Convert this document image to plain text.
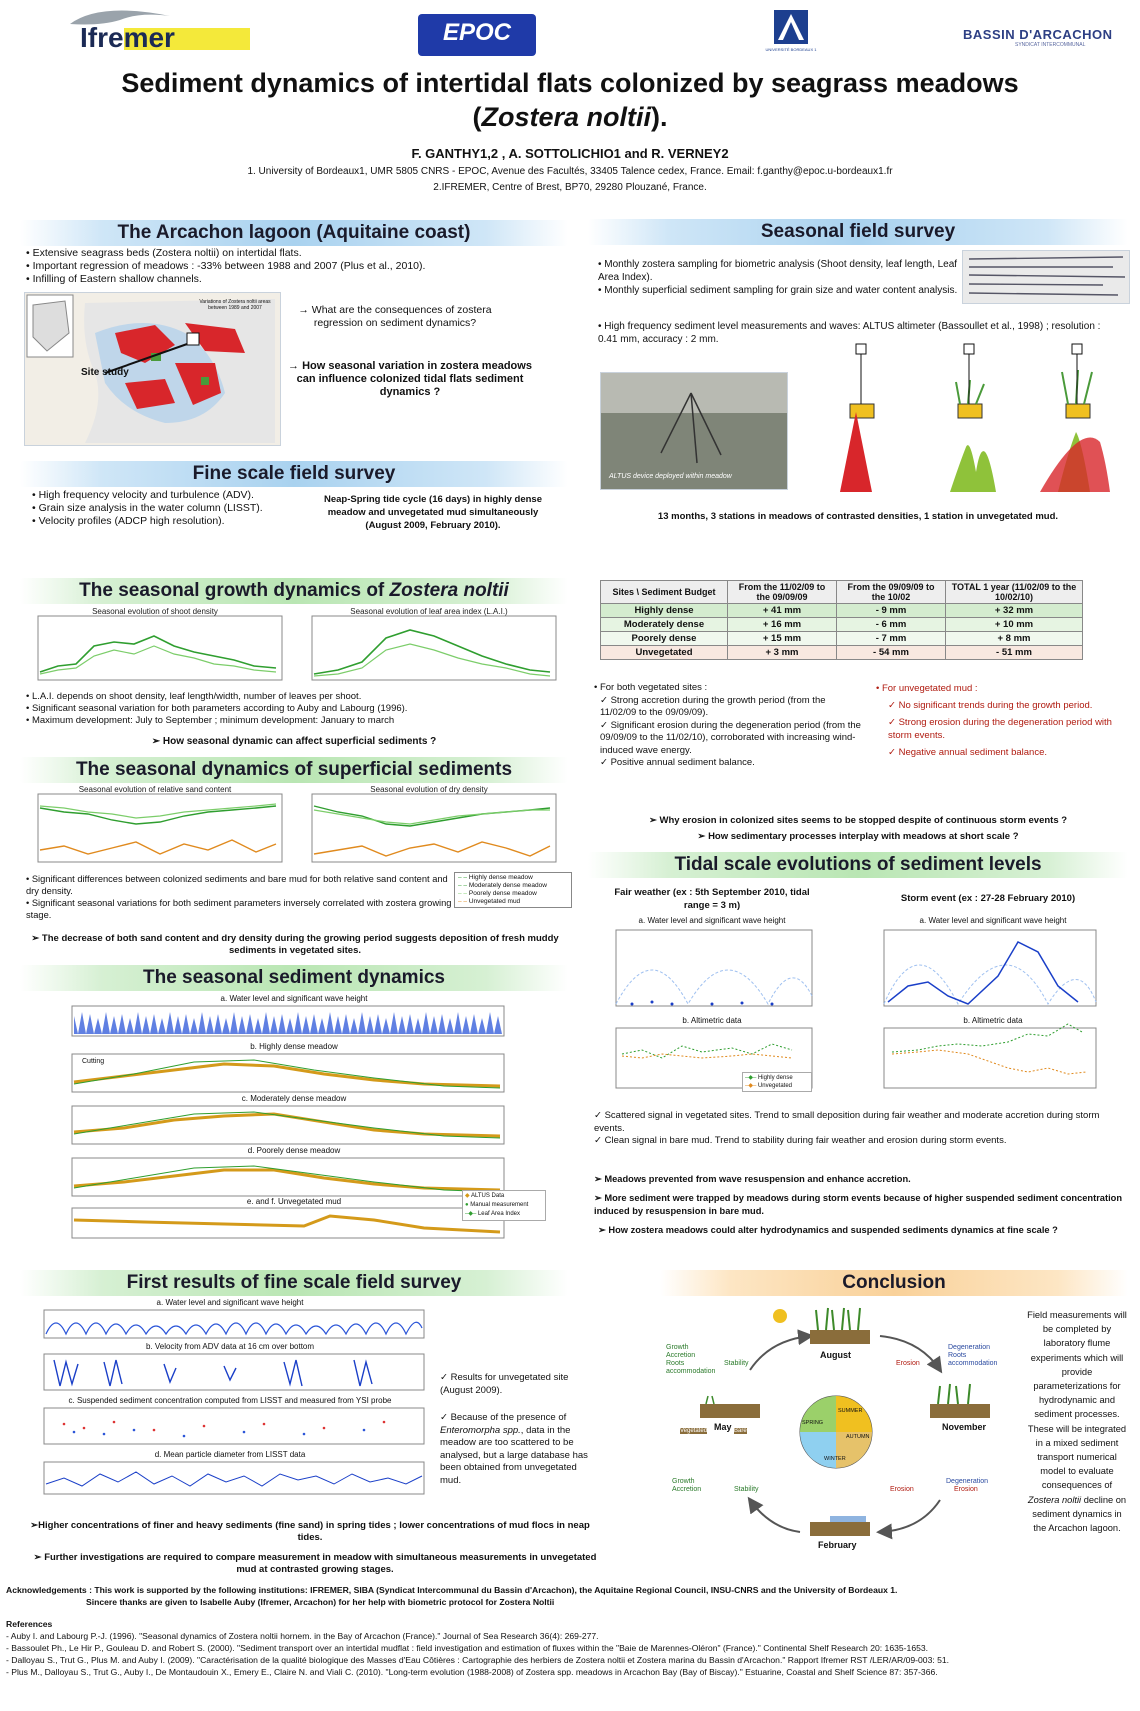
Ifremer	EPOC
UNIVERSITÉ BORDEAUX 1
BASSIN D'ARCACHON
SYNDICAT INTERCOMMUNAL
Sediment dynamics of intertidal flats colonized by seagrass meadows
(Zostera noltii).
F. GANTHY1,2 , A. SOTTOLICHIO1 and R. VERNEY2
1. University of Bordeaux1, UMR 5805 CNRS - EPOC, Avenue des Facultés, 33405 Talence cedex, France. Email: f.ganthy@epoc.u-bordeaux1.fr
2.IFREMER, Centre of Brest, BP70, 29280 Plouzané, France.
The Arcachon lagoon (Aquitaine coast)

• Extensive seagrass beds (Zostera noltii) on intertidal flats.

• Important regression of meadows : -33% between 1988 and 2007 (Plus et al., 2010).

• Infilling of Eastern shallow channels.

Site study
Variations of Zostera noltii areas between 1989 and 2007	→ What are the consequences of zostera regression on sediment dynamics?
→ How seasonal variation in zostera meadows can influence colonized tidal flats sediment dynamics ?
Fine scale field survey

• High frequency velocity and turbulence (ADV).

• Grain size analysis in the water column (LISST).

• Velocity profiles (ADCP high resolution).

Neap-Spring tide cycle (16 days) in highly dense meadow and unvegetated mud simultaneously (August 2009, February 2010).
Seasonal field survey

• Monthly zostera sampling for biometric analysis (Shoot density, leaf length, Leaf Area Index).

• Monthly superficial sediment sampling for grain size and water content analysis.

• High frequency sediment level measurements and waves: ALTUS altimeter (Bassoullet et al., 1998) ; resolution : 0.41 mm, accuracy : 2 mm.
ALTUS device deployed within meadow
13 months, 3 stations in meadows of contrasted densities, 1 station in unvegetated mud.
The seasonal growth dynamics of Zostera noltii
Seasonal evolution of shoot density	Seasonal evolution of leaf area index (L.A.I.)

• L.A.I. depends on shoot density, leaf length/width, number of leaves per shoot.

• Significant seasonal variation for both parameters according to Auby and Labourg (1996).

• Maximum development: July to September ; minimum development: January to march

➢ How seasonal dynamic can affect superficial sediments ?
The seasonal dynamics of superficial sediments
Seasonal evolution of relative sand content	Seasonal evolution of dry density
– – Highly dense meadow
– – Moderately dense meadow
– – Poorely dense meadow
– – Unvegetated mud

• Significant differences between colonized sediments and bare mud for both relative sand content and dry density.

• Significant seasonal variations for both sediment parameters inversely correlated with zostera growing stage.

➢ The decrease of both sand content and dry density during the growing period suggests deposition of fresh muddy sediments in vegetated sites.
The seasonal sediment dynamics
a. Water level and significant wave height
b. Highly dense meadow
c. Moderately dense meadow
d. Poorely dense meadow
e. and f. Unvegetated mud
Cutting
◆ ALTUS Data
● Manual measurement
–◆– Leaf Area Index
Sites \ Sediment Budget	From the 11/02/09 to the 09/09/09	From the 09/09/09 to the 10/02	TOTAL 1 year (11/02/09 to the 10/02/10)
Highly dense	+ 41 mm	- 9 mm	+ 32 mm
Moderately dense	+ 16 mm	- 6 mm	+ 10 mm
Poorely dense	+ 15 mm	- 7 mm	+ 8 mm
Unvegetated	+ 3 mm	- 54 mm	- 51 mm

• For both vegetated sites :

✓ Strong accretion during the growth period (from the 11/02/09 to the 09/09/09).

✓ Significant erosion during the degeneration period (from the 09/09/09 to the 11/02/10), corroborated with increasing wind-induced wave energy.

✓ Positive annual sediment balance.

• For unvegetated mud :

✓ No significant trends during the growth period.

✓ Strong erosion during the degeneration period with storm events.

✓ Negative annual sediment balance.

➢ Why erosion in colonized sites seems to be stopped despite of continuous storm events ?
➢ How sedimentary processes interplay with meadows at short scale ?
Tidal scale evolutions of sediment levels
Fair weather (ex : 5th September 2010, tidal range = 3 m)
Storm event (ex : 27-28 February 2010)
a. Water level and significant wave height
b. Altimetric data
–◆– Highly dense
–◆– Unvegetated
a. Water level and significant wave height
b. Altimetric data

✓ Scattered signal in vegetated sites. Trend to small deposition during fair weather and moderate accretion during storm events.

✓ Clean signal in bare mud. Trend to stability during fair weather and erosion during storm events.

➢ Meadows prevented from wave resuspension and enhance accretion.
➢ More sediment were trapped by meadows during storm events because of higher suspended sediment concentration induced by resuspension in bare mud.
➢ How zostera meadows could alter hydrodynamics and suspended sediments dynamics at fine scale ?
First results of fine scale field survey
a. Water level and significant wave height
b. Velocity from ADV data at 16 cm over bottom
c. Suspended sediment concentration computed from LISST and measured from YSI probe
d. Mean particle diameter from LISST data
✓ Results for unvegetated site (August 2009).
✓ Because of the presence of Enteromorpha spp., data in the meadow are too scattered to be analysed, but a large database has been obtained from unvegetated mud.
➢Higher concentrations of finer and heavy sediments (fine sand) in spring tides ; lower concentrations of mud flocs in neap tides.
➢ Further investigations are required to compare measurement in meadow with simultaneous measurements in unvegetated mud at contrasted growing stages.
Conclusion
August
November
February
May
SUMMER
AUTUMN
WINTER
SPRING
Growth
Accretion
Roots accommodation
Stability	Erosion
Degeneration
Roots accommodation
Stability
Growth
Accretion	Erosion
Degeneration
Erosion
Vegetated	Bare
Field measurements will be completed by laboratory flume experiments which will provide parameterizations for hydrodynamic and sediment processes. These will be integrated in a mixed sediment transport numerical model to evaluate consequences of Zostera noltii decline on sediment dynamics in the Arcachon lagoon.

Acknowledgements : This work is supported by the following institutions: IFREMER, SIBA (Syndicat Intercommunal du Bassin d'Arcachon), the Aquitaine Regional Council, INSU-CNRS and the University of Bordeaux 1.

Sincere thanks are given to Isabelle Auby (Ifremer, Arcachon) for her help with biometric protocol for Zostera Noltii

References

- Auby I. and Labourg P.-J. (1996). "Seasonal dynamics of Zostera noltii hornem. in the Bay of Arcachon (France)." Journal of Sea Research 36(4): 269-277.

- Bassoulet Ph., Le Hir P., Gouleau D. and Robert S. (2000). "Sediment transport over an intertidal mudflat : field investigation and estimation of fluxes within the "Baie de Marennes-Oléron" (France)." Continental Shelf Research 20: 1635-1653.

- Dalloyau S., Trut G., Plus M. and Auby I. (2009). "Caractérisation de la qualité biologique des Masses d'Eau Côtières : Cartographie des herbiers de Zostera noltii et Zostera marina du Bassin d'Arcachon." Rapport Ifremer RST /LER/AR/09-003: 51.

- Plus M., Dalloyau S., Trut G., Auby I., De Montaudouin X., Emery E., Claire N. and Viali C. (2010). "Long-term evolution (1988-2008) of Zostera spp. meadows in Arcachon Bay (Bay of Biscay)." Estuarine, Coastal and Shelf Science 87: 357-366.
